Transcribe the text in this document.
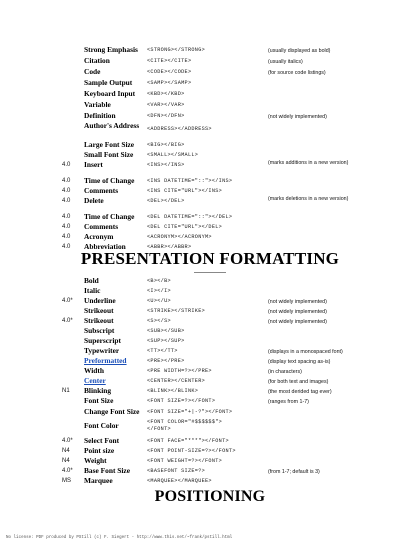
Strong Emphasis <STRONG></STRONG>	(usually displayed as bold)
Citation	<CITE></CITE>	(usually italics)
Code	<CODE></CODE>	(for source code listings)
Sample Output	<SAMP></SAMP>
Keyboard Input <KBD></KBD>
Variable	<VAR></VAR>
Definition	<DFN></DFN>	(not widely implemented)
Author's Address	<ADDRESS></ADDRESS>
Large Font Size <BIG></BIG>
Small Font Size	<SMALL></SMALL>
4.0 Insert	<INS></INS>	(marks additions in a new version)
4.0 Time of Change <INS DATETIME="::"></INS>
4.0 Comments	<INS CITE="URL"></INS>
4.0 Delete	<DEL></DEL>	(marks deletions in a new version)
4.0 Time of Change <DEL DATETIME="::"></DEL>
4.0 Comments	<DEL CITE="URL"></DEL>
4.0 Acronym	<ACRONYM></ACRONYM>
4.0 Abbreviation	<ABBR></ABBR>
PRESENTATION FORMATTING
Bold	<B></B>
Italic	<I></I>
4.0* Underline	<U></U>	(not widely implemented)
Strikeout	<STRIKE></STRIKE>	(not widely implemented)
4.0* Strikeout	<S></S>	(not widely implemented)
Subscript	<SUB></SUB>
Superscript	<SUP></SUP>
Typewriter	<TT></TT>	(displays in a monospaced font)
Preformatted	<PRE></PRE>	(display text spacing as-is)
Width	<PRE WIDTH=?></PRE>	(in characters)
Center	<CENTER></CENTER>	(for both text and images)
N1 Blinking	<BLINK></BLINK>	(the most derided tag ever)
Font Size	<FONT SIZE=?></FONT>	(ranges from 1-7)
Change Font Size <FONT SIZE="+|-?"></FONT>
Font Color	<FONT COLOR="#$$$$$$"></FONT>
4.0* Select Font	<FONT FACE="***"></FONT>
N4 Point size	<FONT POINT-SIZE=?></FONT>
N4 Weight	<FONT WEIGHT=?></FONT>
4.0* Base Font Size	<BASEFONT SIZE=?>	(from 1-7; default is 3)
MS Marquee	<MARQUEE></MARQUEE>
POSITIONING
No license: PDF produced by PStill (c) F. Siegert - http://www.this.net/~frank/pstill.html
